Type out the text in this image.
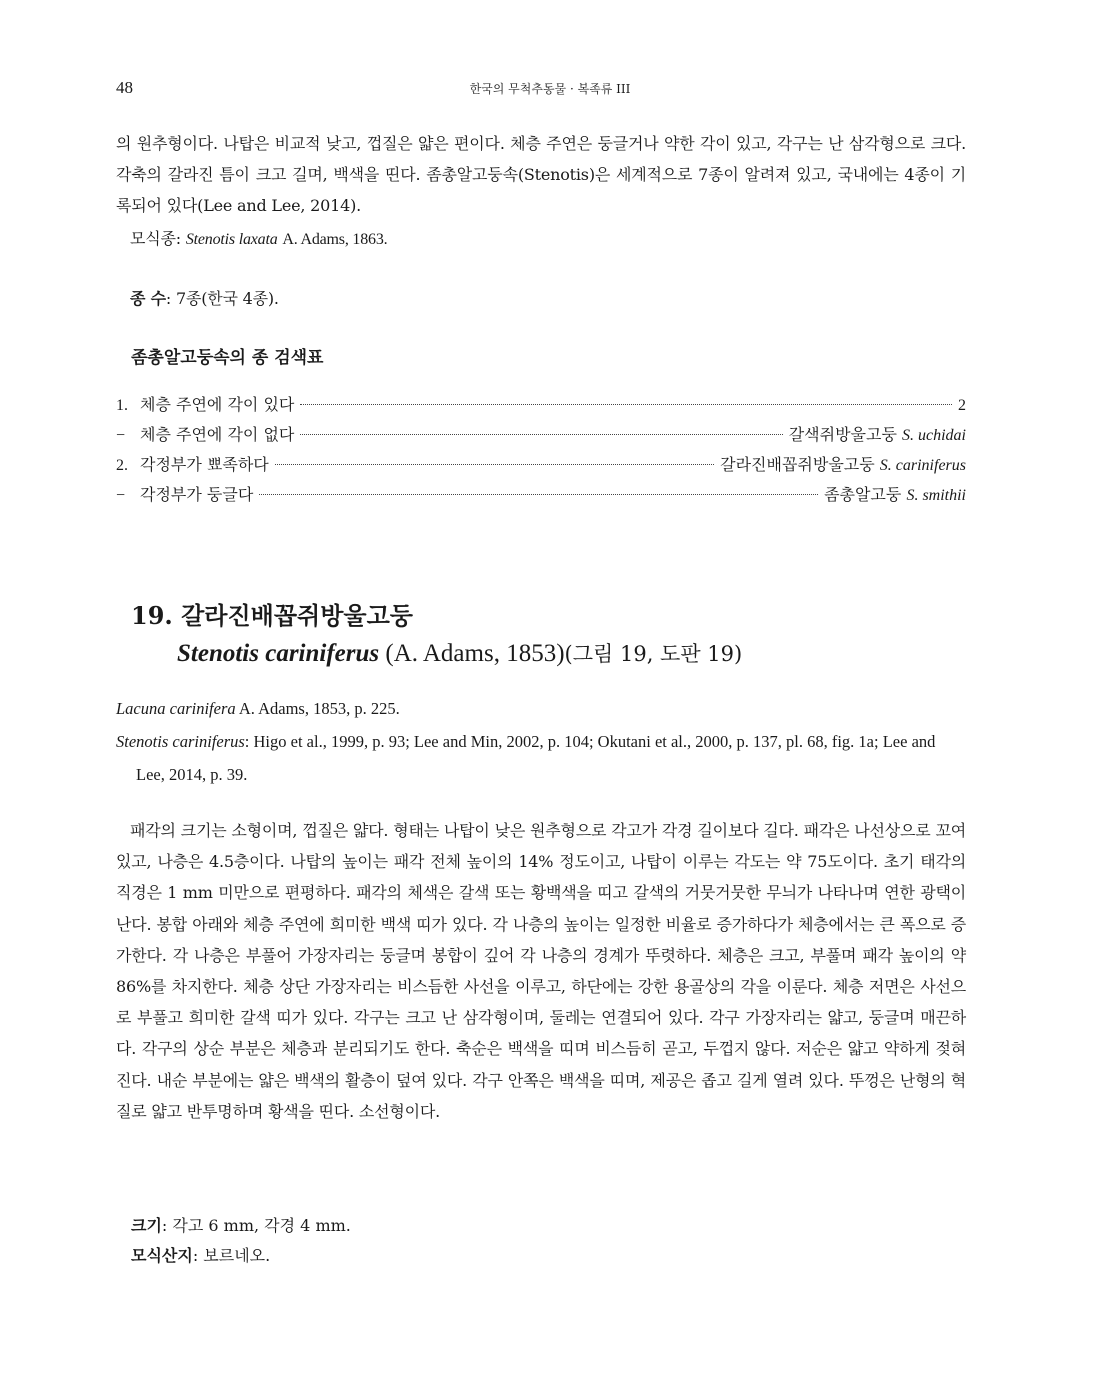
48	한국의 무척추동물 · 복족류 III

의 원추형이다. 나탑은 비교적 낮고, 껍질은 얇은 편이다. 체층 주연은 둥글거나 약한 각이 있고, 각구는 난 삼각형으로 크다. 각축의 갈라진 틈이 크고 길며, 백색을 띤다. 좀총알고둥속(Stenotis)은 세계적으로 7종이 알려져 있고, 국내에는 4종이 기록되어 있다(Lee and Lee, 2014).

모식종: Stenotis laxata A. Adams, 1863.
종 수: 7종(한국 4종).
좀총알고둥속의 종 검색표
1. 체층 주연에 각이 있다	2
− 체층 주연에 각이 없다	갈색쥐방울고둥 S. uchidai
2. 각정부가 뾰족하다	갈라진배꼽쥐방울고둥 S. cariniferus
− 각정부가 둥글다	좀총알고둥 S. smithii
19. 갈라진배꼽쥐방울고둥
Stenotis cariniferus (A. Adams, 1853)(그림 19, 도판 19)

Lacuna carinifera A. Adams, 1853, p. 225.

Stenotis cariniferus: Higo et al., 1999, p. 93; Lee and Min, 2002, p. 104; Okutani et al., 2000, p. 137, pl. 68, fig. 1a; Lee and Lee, 2014, p. 39.

패각의 크기는 소형이며, 껍질은 얇다. 형태는 나탑이 낮은 원추형으로 각고가 각경 길이보다 길다. 패각은 나선상으로 꼬여 있고, 나층은 4.5층이다. 나탑의 높이는 패각 전체 높이의 14% 정도이고, 나탑이 이루는 각도는 약 75도이다. 초기 태각의 직경은 1 mm 미만으로 편평하다. 패각의 체색은 갈색 또는 황백색을 띠고 갈색의 거뭇거뭇한 무늬가 나타나며 연한 광택이 난다. 봉합 아래와 체층 주연에 희미한 백색 띠가 있다. 각 나층의 높이는 일정한 비율로 증가하다가 체층에서는 큰 폭으로 증가한다. 각 나층은 부풀어 가장자리는 둥글며 봉합이 깊어 각 나층의 경계가 뚜렷하다. 체층은 크고, 부풀며 패각 높이의 약 86%를 차지한다. 체층 상단 가장자리는 비스듬한 사선을 이루고, 하단에는 강한 용골상의 각을 이룬다. 체층 저면은 사선으로 부풀고 희미한 갈색 띠가 있다. 각구는 크고 난 삼각형이며, 둘레는 연결되어 있다. 각구 가장자리는 얇고, 둥글며 매끈하다. 각구의 상순 부분은 체층과 분리되기도 한다. 축순은 백색을 띠며 비스듬히 곧고, 두껍지 않다. 저순은 얇고 약하게 젖혀진다. 내순 부분에는 얇은 백색의 활층이 덮여 있다. 각구 안쪽은 백색을 띠며, 제공은 좁고 길게 열려 있다. 뚜껑은 난형의 혁질로 얇고 반투명하며 황색을 띤다. 소선형이다.

크기: 각고 6 mm, 각경 4 mm.
모식산지: 보르네오.
